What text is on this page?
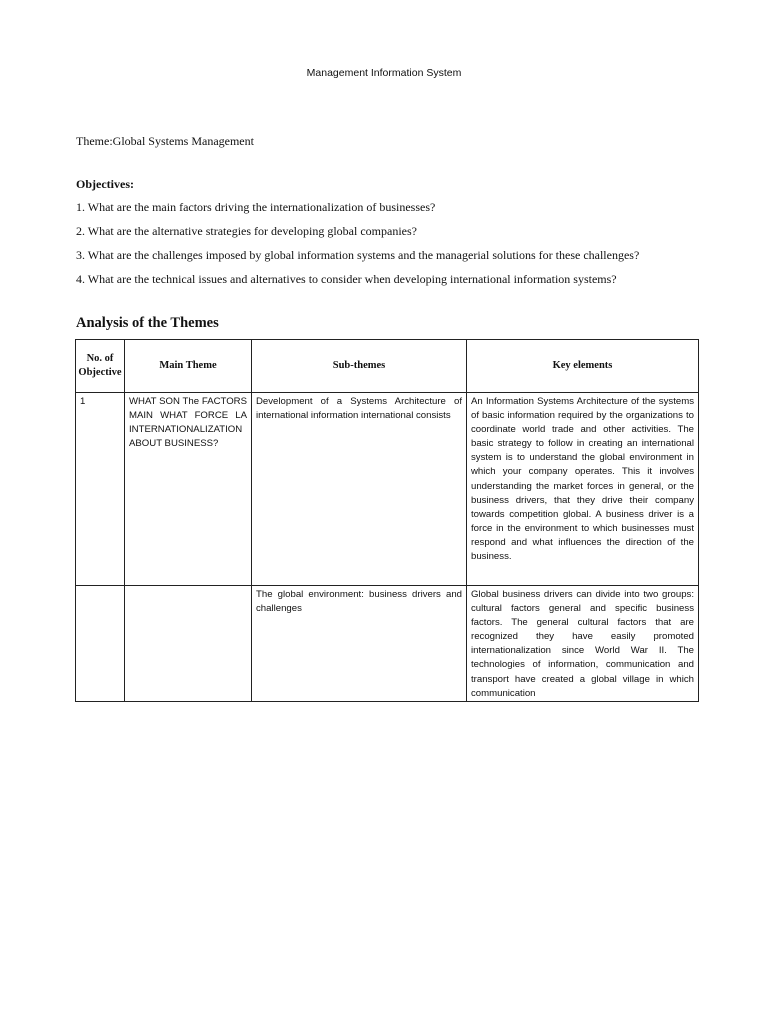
Management Information System
Theme:Global Systems Management
Objectives:
1. What are the main factors driving the internationalization of businesses?
2. What are the alternative strategies for developing global companies?
3. What are the challenges imposed by global information systems and the managerial solutions for these challenges?
4. What are the technical issues and alternatives to consider when developing international information systems?
Analysis of the Themes
No. of Objective	Main Theme	Sub-themes	Key elements
1	WHAT SON The FACTORS MAIN WHAT FORCE LA INTERNATIONALIZATION ABOUT BUSINESS?	Development of a Systems Architecture of international information international consists	An Information Systems Architecture of the systems of basic information required by the organizations to coordinate world trade and other activities. The basic strategy to follow in creating an international system is to understand the global environment in which your company operates. This it involves understanding the market forces in general, or the business drivers, that they drive their company towards competition global. A business driver is a force in the environment to which businesses must respond and what influences the direction of the business.
		The global environment: business drivers and challenges	Global business drivers can divide into two groups: cultural factors general and specific business factors. The general cultural factors that are recognized they have easily promoted internationalization since World War II. The technologies of information, communication and transport have created a global village in which communication
